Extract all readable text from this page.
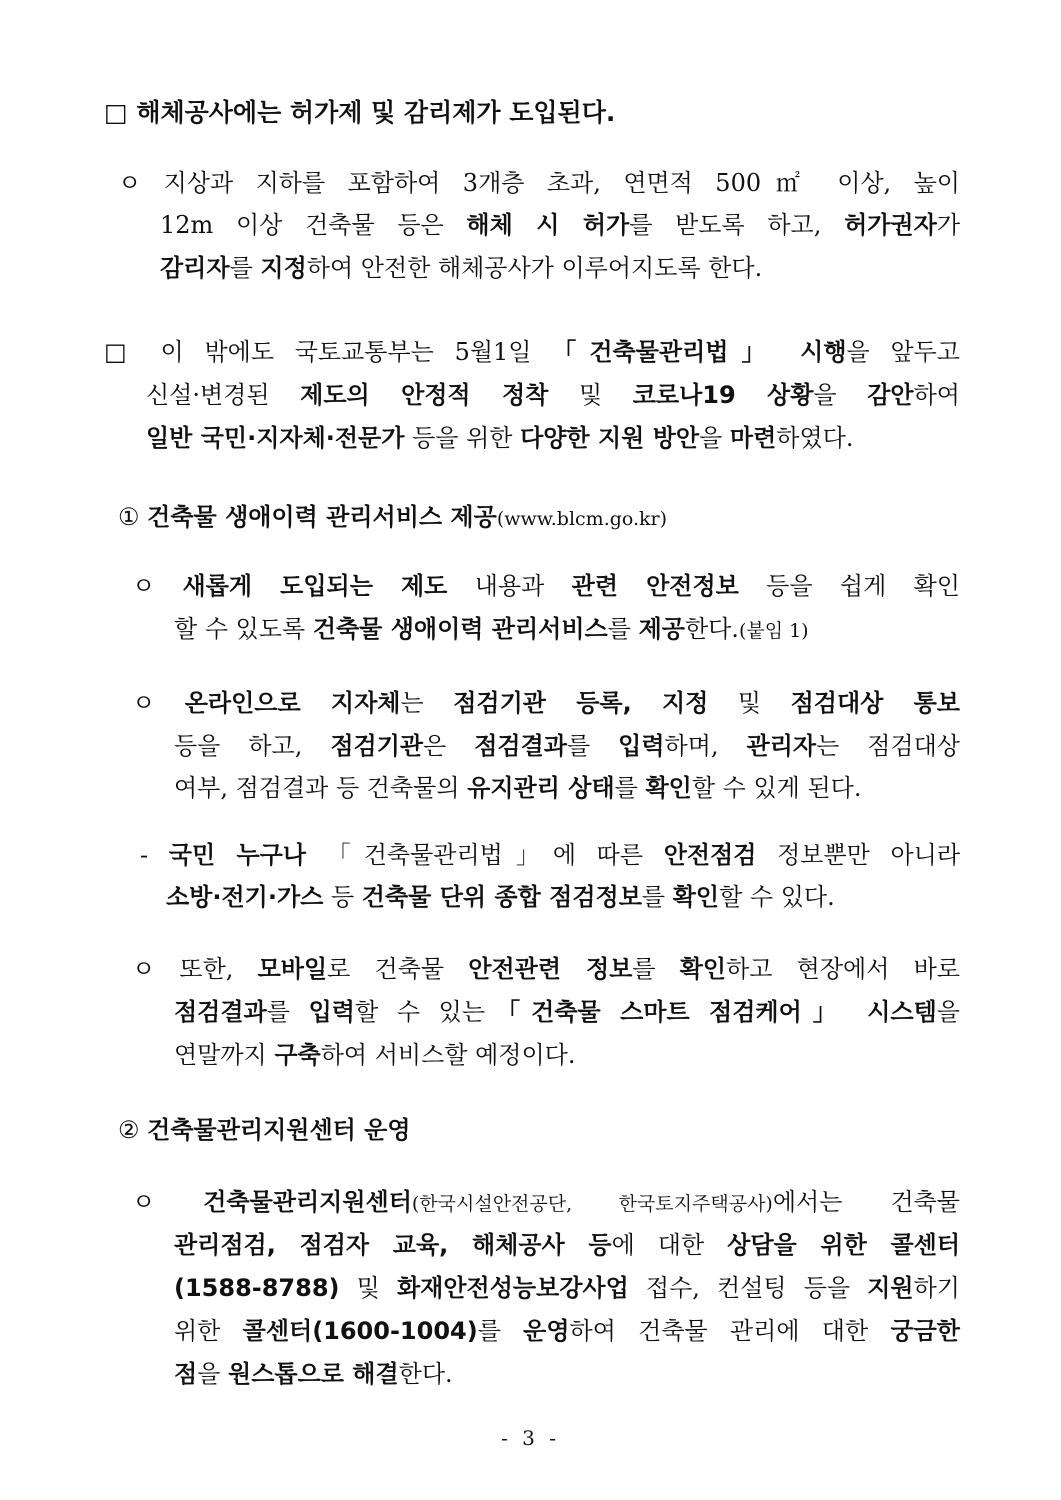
□ 해체공사에는 허가제 및 감리제가 도입된다.
ㅇ 지상과 지하를 포함하여 3개층 초과, 연면적 500㎡ 이상, 높이
12m 이상 건축물 등은 해체 시 허가를 받도록 하고, 허가권자가
감리자를 지정하여 안전한 해체공사가 이루어지도록 한다.
□ 이 밖에도 국토교통부는 5월1일 「건축물관리법」 시행을 앞두고
신설·변경된 제도의 안정적 정착 및 코로나19 상황을 감안하여
일반 국민·지자체·전문가 등을 위한 다양한 지원 방안을 마련하였다.
① 건축물 생애이력 관리서비스 제공(www.blcm.go.kr)
ㅇ 새롭게 도입되는 제도 내용과 관련 안전정보 등을 쉽게 확인
할 수 있도록 건축물 생애이력 관리서비스를 제공한다.(붙임 1)
ㅇ 온라인으로 지자체는 점검기관 등록, 지정 및 점검대상 통보
등을 하고, 점검기관은 점검결과를 입력하며, 관리자는 점검대상
여부, 점검결과 등 건축물의 유지관리 상태를 확인할 수 있게 된다.
- 국민 누구나 「건축물관리법」에 따른 안전점검 정보뿐만 아니라
소방·전기·가스 등 건축물 단위 종합 점검정보를 확인할 수 있다.
ㅇ 또한, 모바일로 건축물 안전관련 정보를 확인하고 현장에서 바로
점검결과를 입력할 수 있는「건축물 스마트 점검케어」 시스템을
연말까지 구축하여 서비스할 예정이다.
② 건축물관리지원센터 운영
ㅇ 건축물관리지원센터(한국시설안전공단, 한국토지주택공사)에서는 건축물
관리점검, 점검자 교육, 해체공사 등에 대한 상담을 위한 콜센터
(1588-8788) 및 화재안전성능보강사업 접수, 컨설팅 등을 지원하기
위한 콜센터(1600-1004)를 운영하여 건축물 관리에 대한 궁금한
점을 원스톱으로 해결한다.
- 3 -
